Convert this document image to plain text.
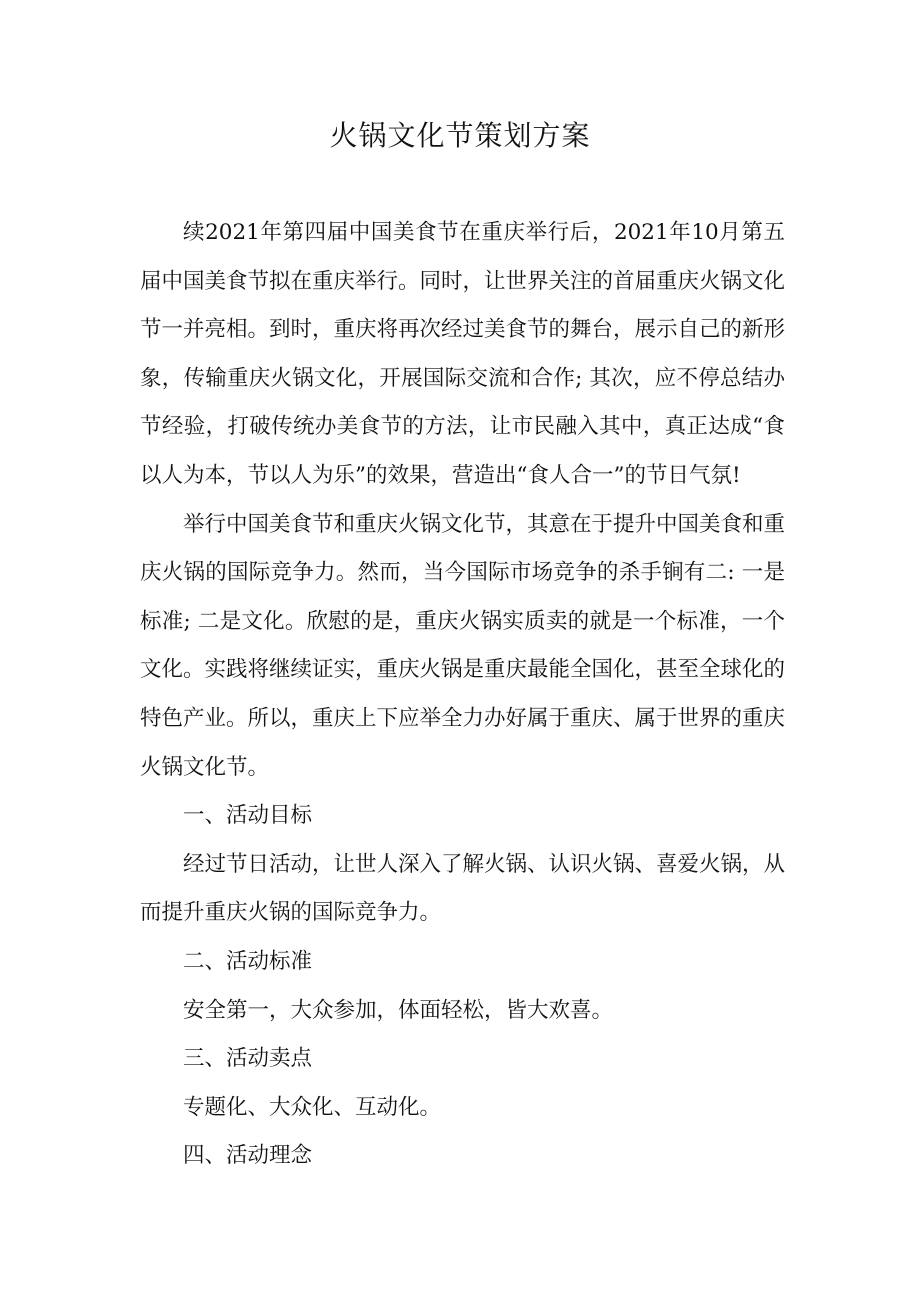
火锅文化节策划方案

续2021年第四届中国美食节在重庆举行后，2021年10月第五届中国美食节拟在重庆举行。同时，让世界关注的首届重庆火锅文化节一并亮相。到时，重庆将再次经过美食节的舞台，展示自己的新形象，传输重庆火锅文化，开展国际交流和合作; 其次，应不停总结办节经验，打破传统办美食节的方法，让市民融入其中，真正达成“食以人为本，节以人为乐”的效果，营造出“食人合一”的节日气氛!

举行中国美食节和重庆火锅文化节，其意在于提升中国美食和重庆火锅的国际竞争力。然而，当今国际市场竞争的杀手锏有二: 一是标准; 二是文化。欣慰的是，重庆火锅实质卖的就是一个标准，一个文化。实践将继续证实，重庆火锅是重庆最能全国化，甚至全球化的特色产业。所以，重庆上下应举全力办好属于重庆、属于世界的重庆火锅文化节。

一、活动目标

经过节日活动，让世人深入了解火锅、认识火锅、喜爱火锅，从而提升重庆火锅的国际竞争力。

二、活动标准

安全第一，大众参加，体面轻松，皆大欢喜。

三、活动卖点

专题化、大众化、互动化。

四、活动理念
